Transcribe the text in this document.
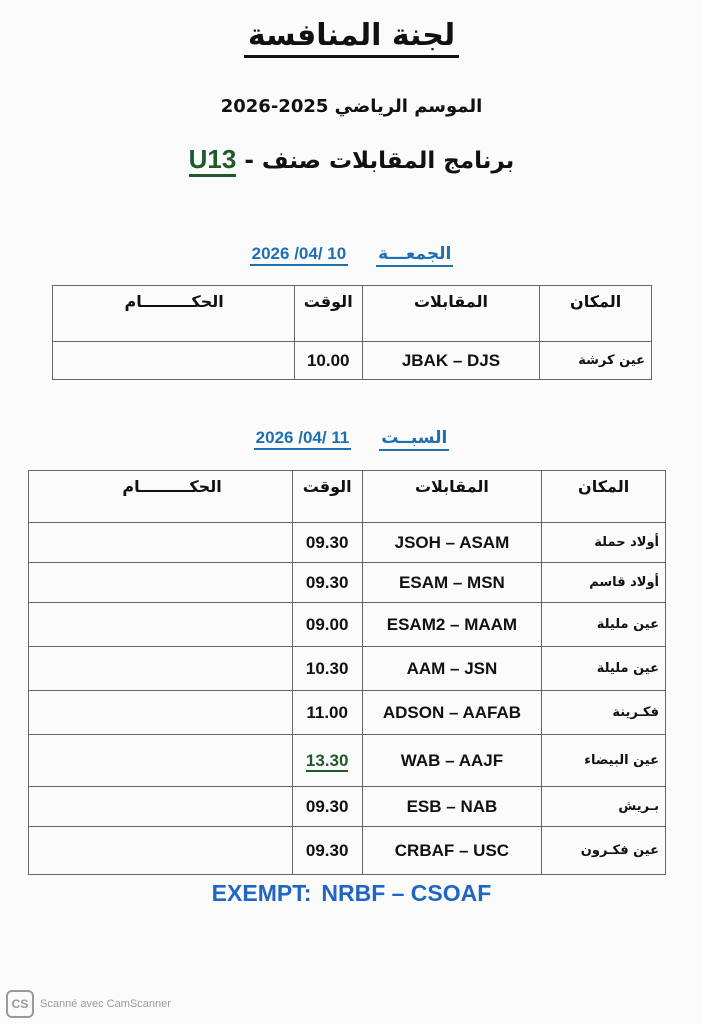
لجنة المنافسة
الموسم الرياضي 2025-2026
برنامج المقابلات صنف - U13
الجمعـــة 10 /04/ 2026
المكان	المقابلات	الوقت	الحكـــــــــام
عين كرشة	JBAK – DJS	10.00	
السبــت 11 /04/ 2026
المكان	المقابلات	الوقت	الحكـــــــــام
أولاد حملة	JSOH – ASAM	09.30	
أولاد قاسم	ESAM – MSN	09.30	
عين مليلة	ESAM2 – MAAM	09.00	
عين مليلة	AAM – JSN	10.30	
فكـرينة	ADSON – AAFAB	11.00	
عين البيضاء	WAB – AAJF	13.30	
بـريش	ESB – NAB	09.30	
عين فكـرون	CRBAF – USC	09.30	
EXEMPT: NRBF – CSOAF
CS	Scanné avec CamScanner
